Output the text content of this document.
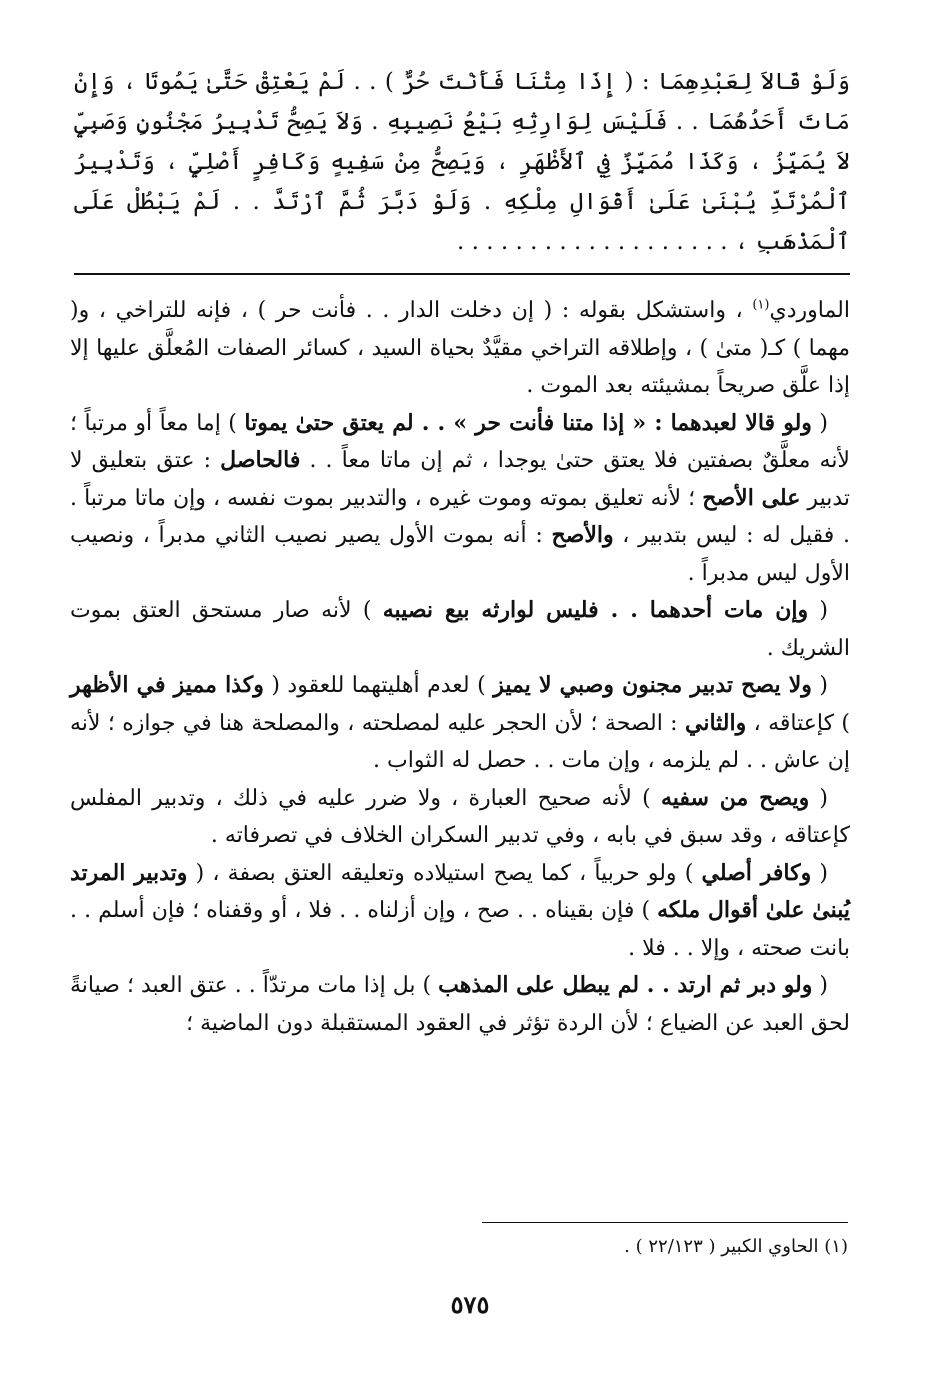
وَلَوْ قَالاَ لِعَبْدِهِمَا : ( إِذَا مِتْنَا فَأَنْتَ حُرٌّ ) . . لَمْ يَعْتِقْ حَتَّىٰ يَمُوتَا ، وَإِنْ مَاتَ أَحَدُهُمَا . . فَلَيْسَ لِوَارِثِهِ بَيْعُ نَصِيبِهِ . وَلاَ يَصِحُّ تَدْبِيرُ مَجْنُونٍ وَصَبِيٍّ لاَ يُمَيِّزُ ، وَكَذَا مُمَيِّزٌ فِي ٱلأَظْهَرِ ، وَيَصِحُّ مِنْ سَفِيهٍ وَكَافِرٍ أَصْلِيٍّ ، وَتَدْبِيرُ ٱلْمُرْتَدِّ يُبْنَىٰ عَلَىٰ أَقْوَالِ مِلْكِهِ . وَلَوْ دَبَّرَ ثُمَّ ٱرْتَدَّ . . لَمْ يَبْطُلْ عَلَى ٱلْمَذْهَبِ ، . . . . . . . . . . . . . . . . . . .

الماوردي$^{(١)}$ ، واستشكل بقوله : ( إن دخلت الدار . . فأنت حر ) ، فإنه للتراخي ، و( مهما ) كـ( متىٰ ) ، وإطلاقه التراخي مقيَّدٌ بحياة السيد ، كسائر الصفات المُعلَّق عليها إلا إذا علَّق صريحاً بمشيئته بعد الموت .

 ( ولو قالا لعبدهما : « إذا متنا فأنت حر » . . لم يعتق حتىٰ يموتا ) إما معاً أو مرتباً ؛ لأنه معلَّقٌ بصفتين فلا يعتق حتىٰ يوجدا ، ثم إن ماتا معاً . . فالحاصل : عتق بتعليق لا تدبير على الأصح ؛ لأنه تعليق بموته وموت غيره ، والتدبير بموت نفسه ، وإن ماتا مرتباً . . فقيل له : ليس بتدبير ، والأصح : أنه بموت الأول يصير نصيب الثاني مدبراً ، ونصيب الأول ليس مدبراً .

 ( وإن مات أحدهما . . فليس لوارثه بيع نصيبه ) لأنه صار مستحق العتق بموت الشريك .

 ( ولا يصح تدبير مجنون وصبي لا يميز ) لعدم أهليتهما للعقود ( وكذا مميز في الأظهر ) كإعتاقه ، والثاني : الصحة ؛ لأن الحجر عليه لمصلحته ، والمصلحة هنا في جوازه ؛ لأنه إن عاش . . لم يلزمه ، وإن مات . . حصل له الثواب .

 ( ويصح من سفيه ) لأنه صحيح العبارة ، ولا ضرر عليه في ذلك ، وتدبير المفلس كإعتاقه ، وقد سبق في بابه ، وفي تدبير السكران الخلاف في تصرفاته .

 ( وكافر أصلي ) ولو حربياً ، كما يصح استيلاده وتعليقه العتق بصفة ، ( وتدبير المرتد يُبنىٰ علىٰ أقوال ملكه ) فإن بقيناه . . صح ، وإن أزلناه . . فلا ، أو وقفناه ؛ فإن أسلم . . بانت صحته ، وإلا . . فلا .

 ( ولو دبر ثم ارتد . . لم يبطل على المذهب ) بل إذا مات مرتدّاً . . عتق العبد ؛ صيانةً لحق العبد عن الضياع ؛ لأن الردة تؤثر في العقود المستقبلة دون الماضية ؛

(١) الحاوي الكبير ( ٢٢/١٢٣ ) .
٥٧٥
